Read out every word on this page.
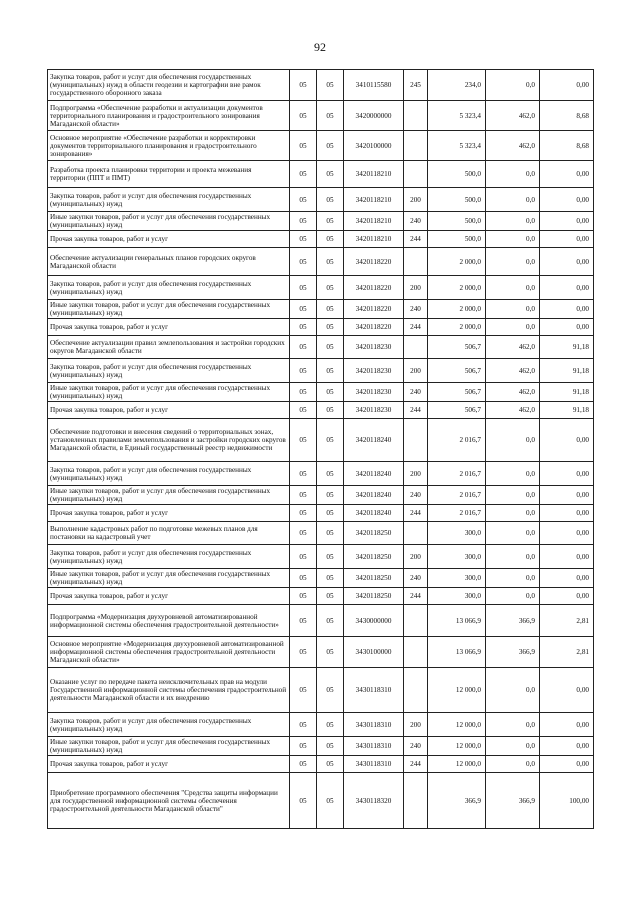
92
Закупка товаров, работ и услуг для обеспечения государственных (муниципальных) нужд в области геодезии и картографии вне рамок государственного оборонного заказа	05	05	3410115580	245	234,0	0,0	0,00
Подпрограмма «Обеспечение разработки и актуализации документов территориального планирования и градостроительного зонирования Магаданской области»	05	05	3420000000		5 323,4	462,0	8,68
Основное мероприятие «Обеспечение разработки и корректировки документов территориального планирования и градостроительного зонирования»	05	05	3420100000		5 323,4	462,0	8,68
Разработка проекта планировки территории и проекта межевания территории (ППТ и ПМТ)	05	05	3420118210		500,0	0,0	0,00
Закупка товаров, работ и услуг для обеспечения государственных (муниципальных) нужд	05	05	3420118210	200	500,0	0,0	0,00
Иные закупки товаров, работ и услуг для обеспечения государственных (муниципальных) нужд	05	05	3420118210	240	500,0	0,0	0,00
Прочая закупка товаров, работ и услуг	05	05	3420118210	244	500,0	0,0	0,00
Обеспечение актуализации генеральных планов городских округов Магаданской области	05	05	3420118220		2 000,0	0,0	0,00
Закупка товаров, работ и услуг для обеспечения государственных (муниципальных) нужд	05	05	3420118220	200	2 000,0	0,0	0,00
Иные закупки товаров, работ и услуг для обеспечения государственных (муниципальных) нужд	05	05	3420118220	240	2 000,0	0,0	0,00
Прочая закупка товаров, работ и услуг	05	05	3420118220	244	2 000,0	0,0	0,00
Обеспечение актуализации правил землепользования и застройки городских округов Магаданской области	05	05	3420118230		506,7	462,0	91,18
Закупка товаров, работ и услуг для обеспечения государственных (муниципальных) нужд	05	05	3420118230	200	506,7	462,0	91,18
Иные закупки товаров, работ и услуг для обеспечения государственных (муниципальных) нужд	05	05	3420118230	240	506,7	462,0	91,18
Прочая закупка товаров, работ и услуг	05	05	3420118230	244	506,7	462,0	91,18
Обеспечение подготовки и внесения сведений о территориальных зонах, установленных правилами землепользования и застройки городских округов Магаданской области, в Единый государственный реестр недвижимости	05	05	3420118240		2 016,7	0,0	0,00
Закупка товаров, работ и услуг для обеспечения государственных (муниципальных) нужд	05	05	3420118240	200	2 016,7	0,0	0,00
Иные закупки товаров, работ и услуг для обеспечения государственных (муниципальных) нужд	05	05	3420118240	240	2 016,7	0,0	0,00
Прочая закупка товаров, работ и услуг	05	05	3420118240	244	2 016,7	0,0	0,00
Выполнение кадастровых работ по подготовке межевых планов для постановки на кадастровый учет	05	05	3420118250		300,0	0,0	0,00
Закупка товаров, работ и услуг для обеспечения государственных (муниципальных) нужд	05	05	3420118250	200	300,0	0,0	0,00
Иные закупки товаров, работ и услуг для обеспечения государственных (муниципальных) нужд	05	05	3420118250	240	300,0	0,0	0,00
Прочая закупка товаров, работ и услуг	05	05	3420118250	244	300,0	0,0	0,00
Подпрограмма «Модернизация двухуровневой автоматизированной информационной системы обеспечения градостроительной деятельности»	05	05	3430000000		13 066,9	366,9	2,81
Основное мероприятие «Модернизация двухуровневой автоматизированной информационной системы обеспечения градостроительной деятельности Магаданской области»	05	05	3430100000		13 066,9	366,9	2,81
Оказание услуг по передаче пакета неисключительных прав на модули Государственной информационной системы обеспечения градостроительной деятельности Магаданской области и их внедрению	05	05	3430118310		12 000,0	0,0	0,00
Закупка товаров, работ и услуг для обеспечения государственных (муниципальных) нужд	05	05	3430118310	200	12 000,0	0,0	0,00
Иные закупки товаров, работ и услуг для обеспечения государственных (муниципальных) нужд	05	05	3430118310	240	12 000,0	0,0	0,00
Прочая закупка товаров, работ и услуг	05	05	3430118310	244	12 000,0	0,0	0,00
Приобретение программного обеспечения "Средства защиты информации для государственной информационной системы обеспечения градостроительной деятельности Магаданской области"	05	05	3430118320		366,9	366,9	100,00
